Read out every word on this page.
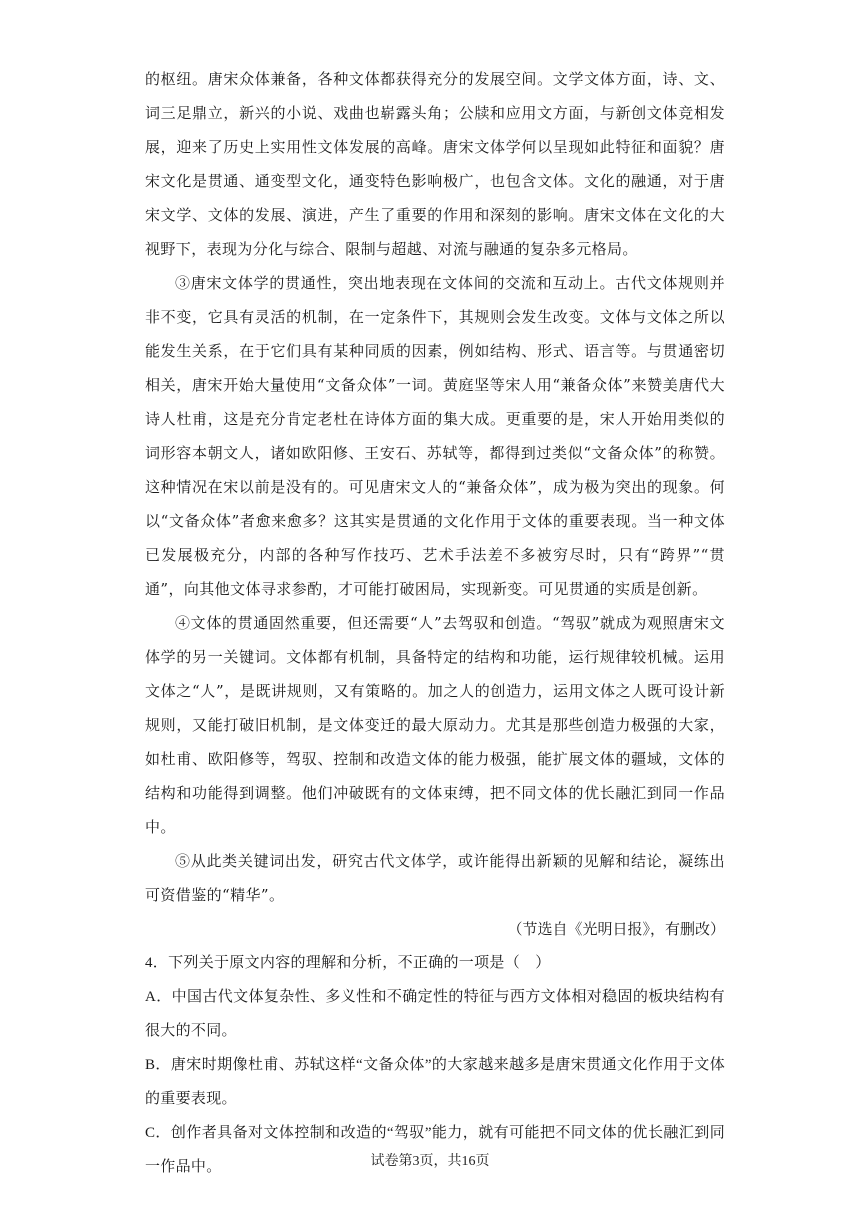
的枢纽。唐宋众体兼备，各种文体都获得充分的发展空间。文学文体方面，诗、文、词三足鼎立，新兴的小说、戏曲也崭露头角；公牍和应用文方面，与新创文体竞相发展，迎来了历史上实用性文体发展的高峰。唐宋文体学何以呈现如此特征和面貌？唐宋文化是贯通、通变型文化，通变特色影响极广，也包含文体。文化的融通，对于唐宋文学、文体的发展、演进，产生了重要的作用和深刻的影响。唐宋文体在文化的大视野下，表现为分化与综合、限制与超越、对流与融通的复杂多元格局。

③唐宋文体学的贯通性，突出地表现在文体间的交流和互动上。古代文体规则并非不变，它具有灵活的机制，在一定条件下，其规则会发生改变。文体与文体之所以能发生关系，在于它们具有某种同质的因素，例如结构、形式、语言等。与贯通密切相关，唐宋开始大量使用“文备众体”一词。黄庭坚等宋人用“兼备众体”来赞美唐代大诗人杜甫，这是充分肯定老杜在诗体方面的集大成。更重要的是，宋人开始用类似的词形容本朝文人，诸如欧阳修、王安石、苏轼等，都得到过类似“文备众体”的称赞。这种情况在宋以前是没有的。可见唐宋文人的“兼备众体”，成为极为突出的现象。何以“文备众体”者愈来愈多？这其实是贯通的文化作用于文体的重要表现。当一种文体已发展极充分，内部的各种写作技巧、艺术手法差不多被穷尽时，只有“跨界”“贯通”，向其他文体寻求参酌，才可能打破困局，实现新变。可见贯通的实质是创新。

④文体的贯通固然重要，但还需要“人”去驾驭和创造。“驾驭”就成为观照唐宋文体学的另一关键词。文体都有机制，具备特定的结构和功能，运行规律较机械。运用文体之“人”，是既讲规则，又有策略的。加之人的创造力，运用文体之人既可设计新规则，又能打破旧机制，是文体变迁的最大原动力。尤其是那些创造力极强的大家，如杜甫、欧阳修等，驾驭、控制和改造文体的能力极强，能扩展文体的疆域，文体的结构和功能得到调整。他们冲破既有的文体束缚，把不同文体的优长融汇到同一作品中。

⑤从此类关键词出发，研究古代文体学，或许能得出新颖的见解和结论，凝练出可资借鉴的“精华”。

（节选自《光明日报》，有删改）

4．下列关于原文内容的理解和分析，不正确的一项是（　）

A．中国古代文体复杂性、多义性和不确定性的特征与西方文体相对稳固的板块结构有很大的不同。

B．唐宋时期像杜甫、苏轼这样“文备众体”的大家越来越多是唐宋贯通文化作用于文体的重要表现。

C．创作者具备对文体控制和改造的“驾驭”能力，就有可能把不同文体的优长融汇到同一作品中。	试卷第3页，共16页
